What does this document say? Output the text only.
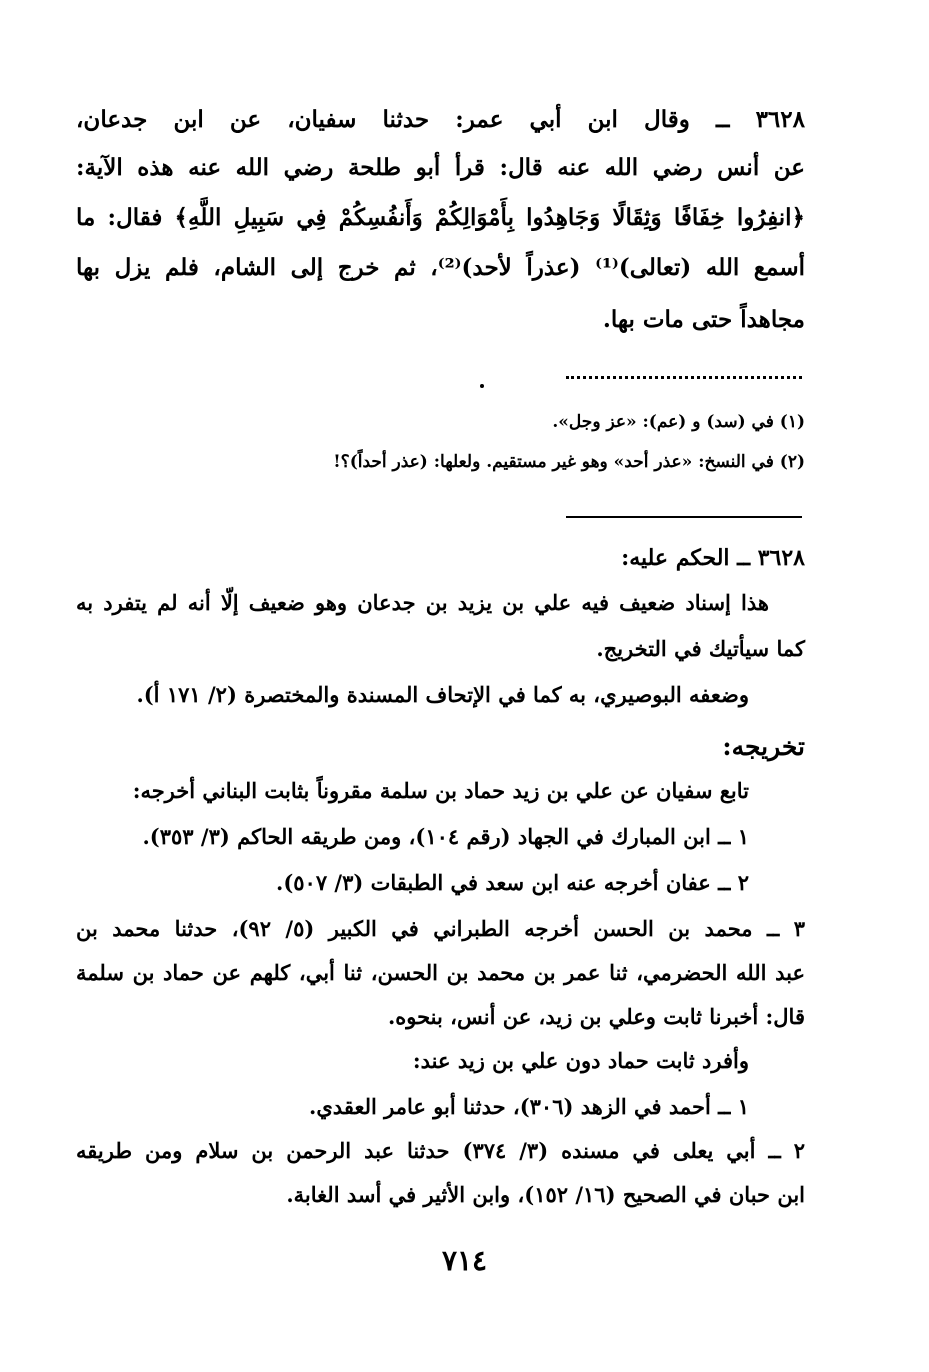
٣٦٢٨ ــ وقال ابن أبي عمر: حدثنا سفيان، عن ابن جدعان،
عن أنس رضي الله عنه قال: قرأ أبو طلحة رضي الله عنه هذه الآية:
﴿انفِرُوا خِفَافًا وَثِقَالًا وَجَاهِدُوا بِأَمْوَالِكُمْ وَأَنفُسِكُمْ فِي سَبِيلِ اللَّهِ﴾ فقال: ما
أسمع الله (تعالى)⁽¹⁾ (عذراً لأحد)⁽²⁾، ثم خرج إلى الشام، فلم يزل بها
مجاهداً حتى مات بها.
(١) في (سد) و (عم): «عز وجل».
(٢) في النسخ: «عذر أحد» وهو غير مستقيم. ولعلها: (عذر أحداً)؟!
٣٦٢٨ ــ الحكم عليه:
هذا إسناد ضعيف فيه علي بن يزيد بن جدعان وهو ضعيف إلّا أنه لم يتفرد به
كما سيأتيك في التخريج.
وضعفه البوصيري، به كما في الإتحاف المسندة والمختصرة (٢/ ١٧١ أ).
تخريجه:
تابع سفيان عن علي بن زيد حماد بن سلمة مقروناً بثابت البناني أخرجه:
١ ــ ابن المبارك في الجهاد (رقم ١٠٤)، ومن طريقه الحاكم (٣/ ٣٥٣).
٢ ــ عفان أخرجه عنه ابن سعد في الطبقات (٣/ ٥٠٧).
٣ ــ محمد بن الحسن أخرجه الطبراني في الكبير (٥/ ٩٢)، حدثنا محمد بن
عبد الله الحضرمي، ثنا عمر بن محمد بن الحسن، ثنا أبي، كلهم عن حماد بن سلمة
قال: أخبرنا ثابت وعلي بن زيد، عن أنس، بنحوه.
وأفرد ثابت حماد دون علي بن زيد عند:
١ ــ أحمد في الزهد (٣٠٦)، حدثنا أبو عامر العقدي.
٢ ــ أبي يعلى في مسنده (٣/ ٣٧٤) حدثنا عبد الرحمن بن سلام ومن طريقه
ابن حبان في الصحيح (١٦/ ١٥٢)، وابن الأثير في أسد الغابة.
٧١٤
